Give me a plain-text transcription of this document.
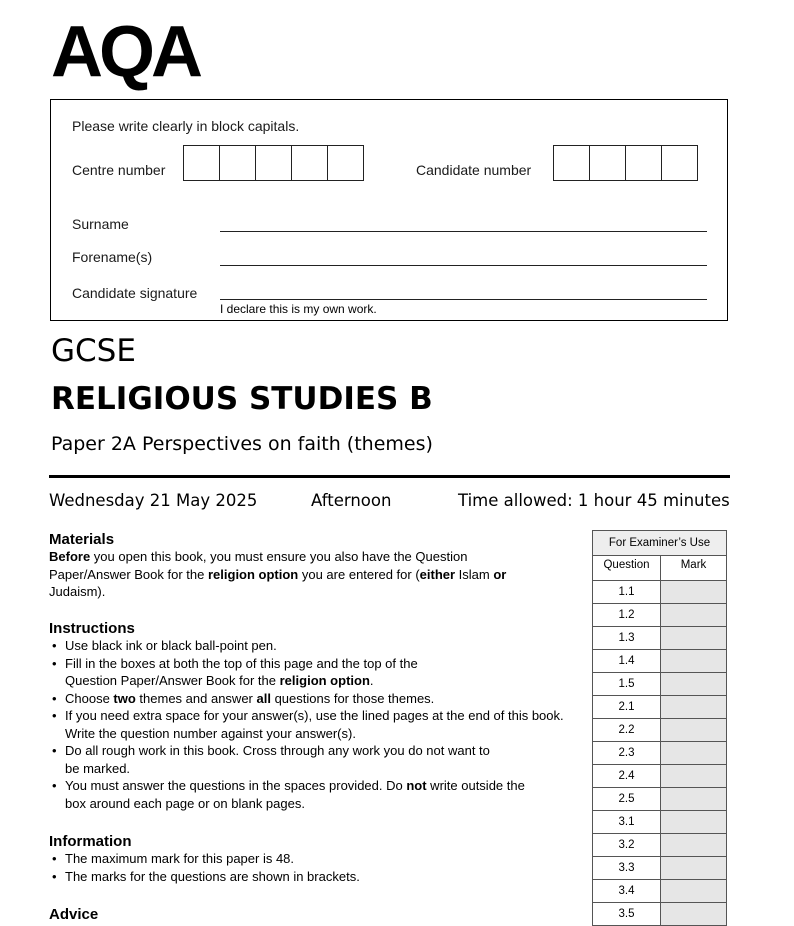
AQA
Please write clearly in block capitals.
Centre number	Candidate number
Surname
Forename(s)
Candidate signature
I declare this is my own work.
GCSE
RELIGIOUS STUDIES B
Paper 2A Perspectives on faith (themes)
Wednesday 21 May 2025	Afternoon	Time allowed: 1 hour 45 minutes
Materials
Before you open this book, you must ensure you also have the Question Paper/Answer Book for the religion option you are entered for (either Islam or Judaism).
Instructions
• Use black ink or black ball-point pen.
• Fill in the boxes at both the top of this page and the top of the Question Paper/Answer Book for the religion option.
• Choose two themes and answer all questions for those themes.
• If you need extra space for your answer(s), use the lined pages at the end of this book. Write the question number against your answer(s).
• Do all rough work in this book. Cross through any work you do not want to be marked.
• You must answer the questions in the spaces provided. Do not write outside the box around each page or on blank pages.
Information
• The maximum mark for this paper is 48.
• The marks for the questions are shown in brackets.
Advice
For Examiner’s Use	
Question	Mark
1.1	
1.2	
1.3	
1.4	
1.5	
2.1	
2.2	
2.3	
2.4	
2.5	
3.1	
3.2	
3.3	
3.4	
3.5	
